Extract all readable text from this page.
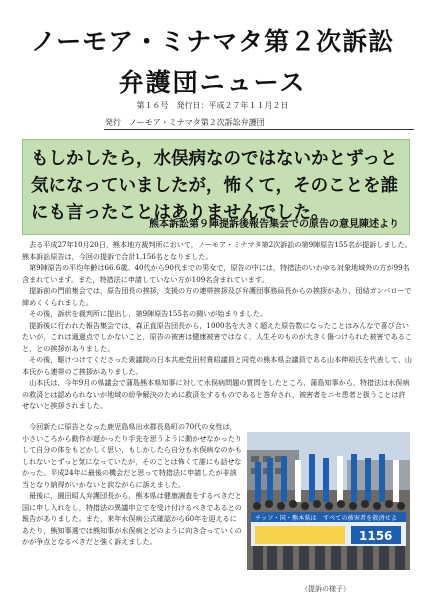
ノーモア・ミナマタ第２次訴訟
弁護団ニュース
第１６号　発行日：平成２７年１１月２日
発行　ノーモア・ミナマタ第２次訴訟弁護団
もしかしたら，水俣病なのではないかとずっと気になっていましたが，怖くて，そのことを誰にも言ったことはありませんでした。
熊本訴訟第９陣提訴後報告集会での原告の意見陳述より

去る平成27年10月20日，熊本地方裁判所において，ノーモア・ミナマタ第2次訴訟の第9陣原告155名が提訴しました。熊本訴訟原告は，今回の提訴で合計1,156名となりました。

第9陣原告の平均年齢は66.6歳。40代から90代までの男女で，原告の中には，特措法のいわゆる対象地域外の方が99名含まれています。また，特措法に申請していない方が109名含まれています。

提訴前の門前集会では，原告団長の挨拶，支援の方の連帯挨拶及び弁護団事務局長からの挨拶があり，団結ガンバローで締めくくられました。

その後，訴状を裁判所に提出し，第9陣原告155名の闘いが始まりました。

提訴後に行われた報告集会では，森正直原告団長から，1000名を大きく超えた原告数になったことはみんなで喜び合いたいが，これは通過点でしかないこと，原告の被害は健康被害ではなく，人生そのものが大きく傷つけられた被害であること，との挨拶がありました。

その後，駆けつけてくださった衆議院の日本共産党田村貴昭議員と同党の熊本県会議員である山本伸裕氏を代表して，山本氏から連帯のご挨拶がありました。

山本氏は，今年9月の県議会で蒲島熊本県知事に対して水俣病問題の質問をしたところ，蒲島知事から，特措法は水俣病の救済とは認められないが地域の紛争解決のために救済をするものであると答弁され，被害者をニセ患者と扱うことは許せないと挨拶されました。

今回新たに原告となった鹿児島県出水郡長島町の70代の女性は，小さいころから動作が遅かったり手先を思うように動かせなかったりして自分の体をもどかしく思い，もしかしたら自分も水俣病なのかもしれないとずっと気になっていたが，そのことは怖くて誰にも話せなかった。平成24年に最後の機会だと思って特措法に申請したが非該当となり納得がいかないと涙ながらに訴えました。

最後に，園田昭人弁護団長から，熊本県は健康調査をするべきだと国に申し入れをし，特措法の異議申立てを受け付けるべきであるとの報告がありました。また，来年水俣病公式確認から60年を迎えるにあたり，熊知事選では熊知事が水俣病とどのように向き合っていくのかが争点となるべきだと強く訴えました。

チッソ・国・熊本県は　すべての被害者を救済せよ
1156
（提訴の様子）
